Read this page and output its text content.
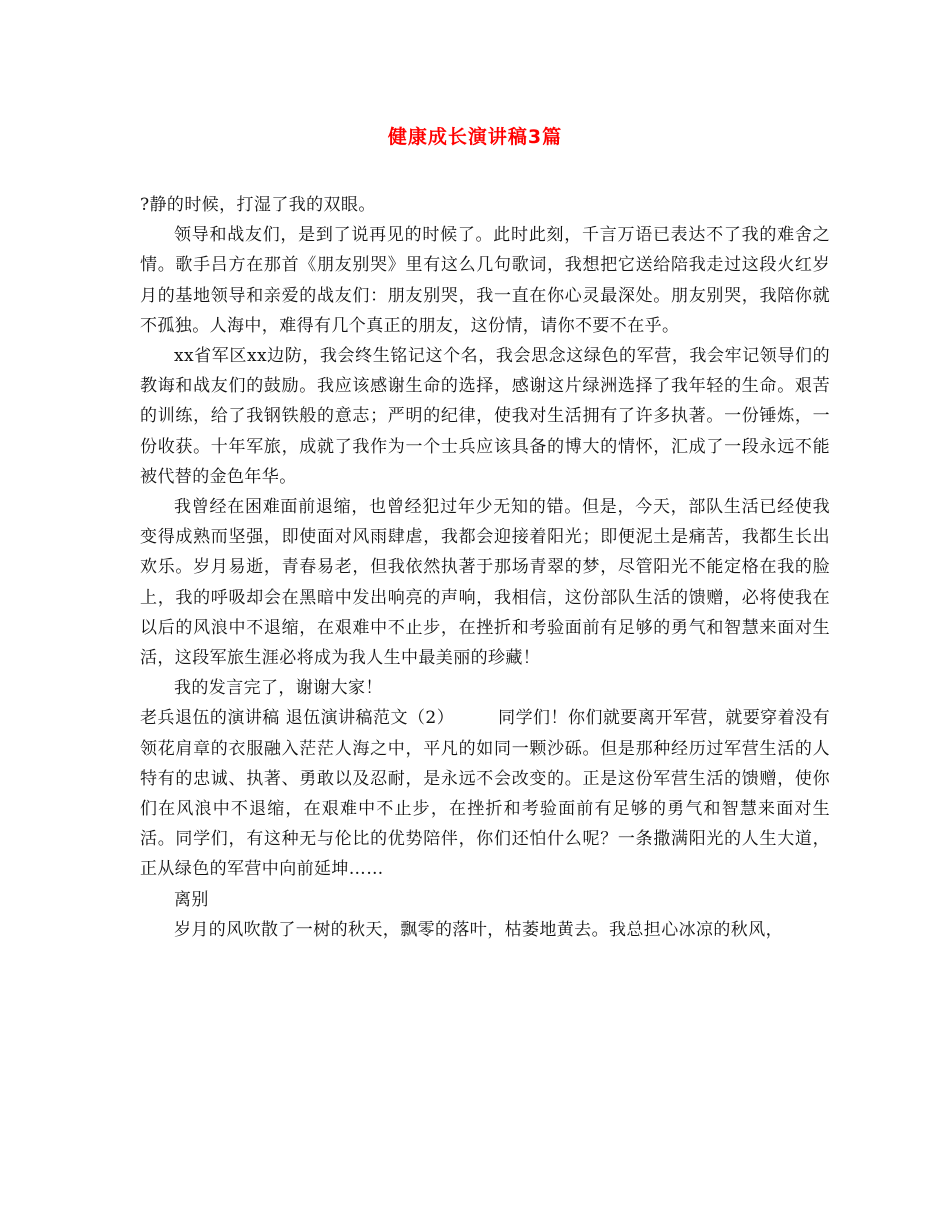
健康成长演讲稿3篇

?静的时候，打湿了我的双眼。

领导和战友们，是到了说再见的时候了。此时此刻，千言万语已表达不了我的难舍之情。歌手吕方在那首《朋友别哭》里有这么几句歌词，我想把它送给陪我走过这段火红岁月的基地领导和亲爱的战友们：朋友别哭，我一直在你心灵最深处。朋友别哭，我陪你就不孤独。人海中，难得有几个真正的朋友，这份情，请你不要不在乎。

xx省军区xx边防，我会终生铭记这个名，我会思念这绿色的军营，我会牢记领导们的教诲和战友们的鼓励。我应该感谢生命的选择，感谢这片绿洲选择了我年轻的生命。艰苦的训练，给了我钢铁般的意志；严明的纪律，使我对生活拥有了许多执著。一份锤炼，一份收获。十年军旅，成就了我作为一个士兵应该具备的博大的情怀，汇成了一段永远不能被代替的金色年华。

我曾经在困难面前退缩，也曾经犯过年少无知的错。但是，今天，部队生活已经使我变得成熟而坚强，即使面对风雨肆虐，我都会迎接着阳光；即便泥土是痛苦，我都生长出欢乐。岁月易逝，青春易老，但我依然执著于那场青翠的梦，尽管阳光不能定格在我的脸上，我的呼吸却会在黑暗中发出响亮的声响，我相信，这份部队生活的馈赠，必将使我在以后的风浪中不退缩，在艰难中不止步，在挫折和考验面前有足够的勇气和智慧来面对生活，这段军旅生涯必将成为我人生中最美丽的珍藏！

我的发言完了，谢谢大家！

老兵退伍的演讲稿 退伍演讲稿范文（2）　　　同学们！你们就要离开军营，就要穿着没有领花肩章的衣服融入茫茫人海之中，平凡的如同一颗沙砾。但是那种经历过军营生活的人特有的忠诚、执著、勇敢以及忍耐，是永远不会改变的。正是这份军营生活的馈赠，使你们在风浪中不退缩，在艰难中不止步，在挫折和考验面前有足够的勇气和智慧来面对生活。同学们，有这种无与伦比的优势陪伴，你们还怕什么呢？一条撒满阳光的人生大道，正从绿色的军营中向前延坤……

离别

岁月的风吹散了一树的秋天，飘零的落叶，枯萎地黄去。我总担心冰凉的秋风，
